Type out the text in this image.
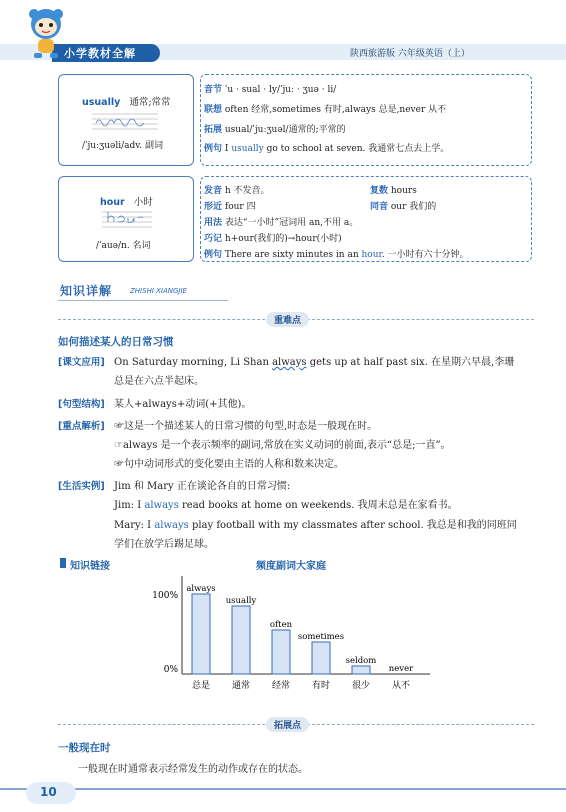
小学教材全解	陕西旅游版 六年级英语（上）
usually 通常;常常
/ˈjuːʒuəli/adv. 副词
音节 ˈu · sual · ly/ˈjuː · ʒuə · li/
联想 often 经常,sometimes 有时,always 总是,never 从不
拓展 usual/ˈjuːʒuəl/通常的;平常的
例句 I usually go to school at seven. 我通常七点去上学。
hour 小时
/ˈauə/n. 名词
发音 h 不发音。	复数 hours
形近 four 四	同音 our 我们的
用法 表达“一小时”冠词用 an,不用 a。
巧记 h+our(我们的)→hour(小时)
例句 There are sixty minutes in an hour. 一小时有六十分钟。
知识详解	ZHISHI XIANGJIE
重难点
如何描述某人的日常习惯
[课文应用] On Saturday morning, Li Shan always gets up at half past six. 在星期六早晨,李珊
总是在六点半起床。
[句型结构] 某人+always+动词(+其他)。
[重点解析] ☞这是一个描述某人的日常习惯的句型,时态是一般现在时。
☞always 是一个表示频率的副词,常放在实义动词的前面,表示“总是;一直”。
☞句中动词形式的变化要由主语的人称和数来决定。
[生活实例] Jim 和 Mary 正在谈论各自的日常习惯:
Jim: I always read books at home on weekends. 我周末总是在家看书。
Mary: I always play football with my classmates after school. 我总是和我的同班同
学们在放学后踢足球。
知识链接	频度副词大家庭
100%
0%
always
总是
usually
通常
often
经常
sometimes
有时
seldom
很少
never
从不
拓展点
一般现在时
一般现在时通常表示经常发生的动作或存在的状态。
10
